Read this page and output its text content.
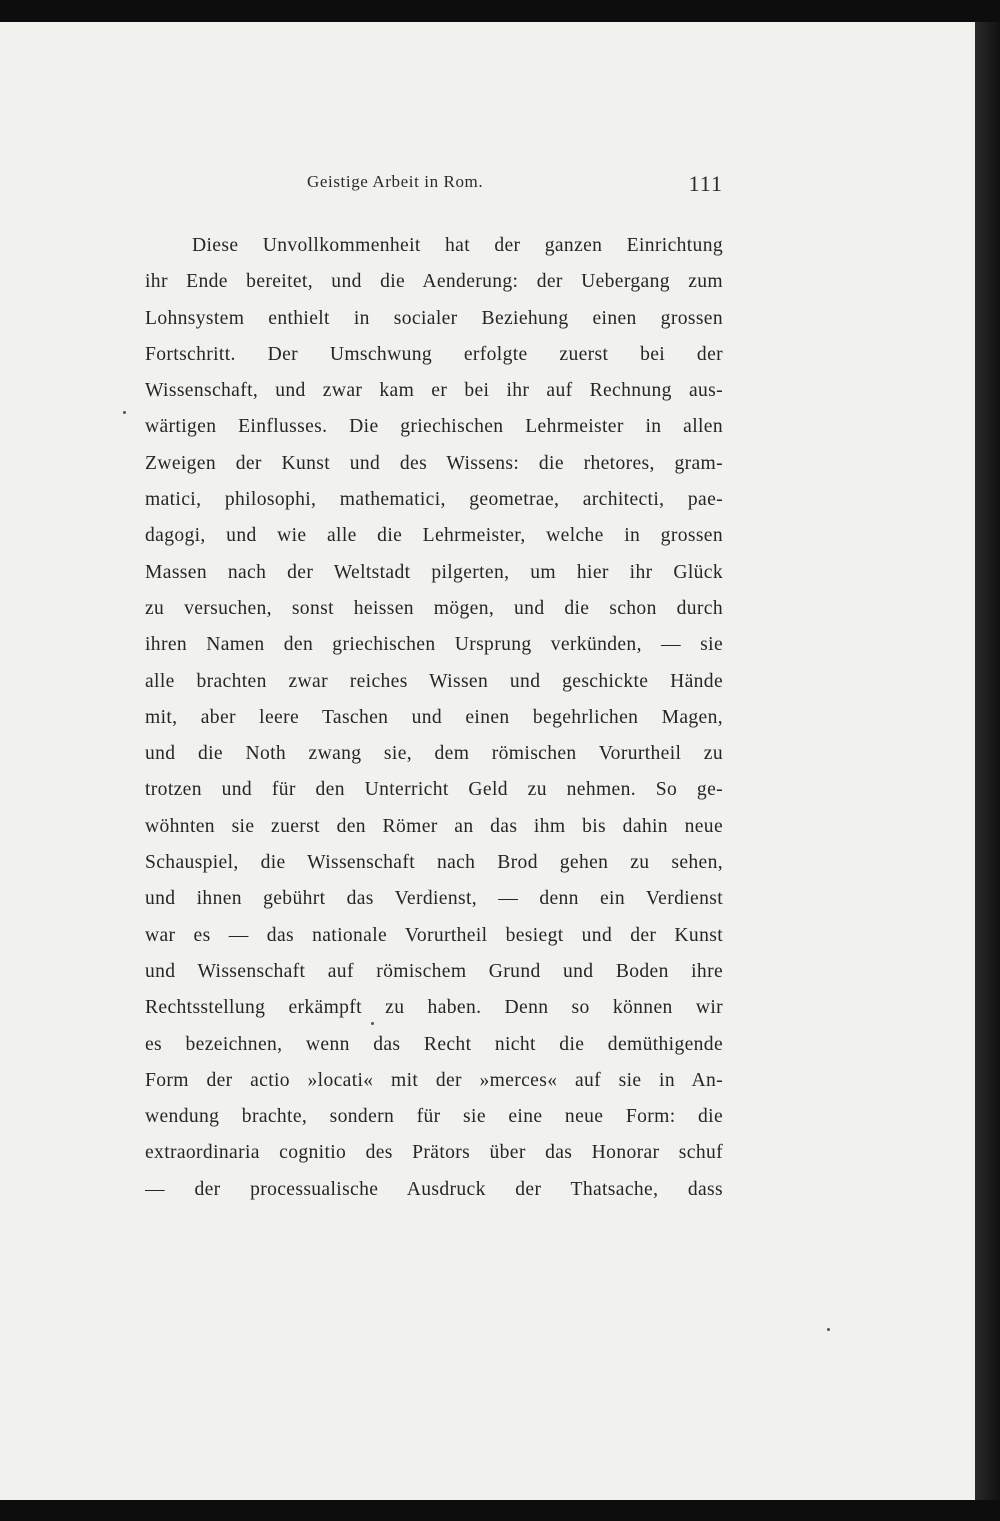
Geistige Arbeit in Rom.	111
Diese Unvollkommenheit hat der ganzen Einrichtung
ihr Ende bereitet, und die Aenderung: der Uebergang zum
Lohnsystem enthielt in socialer Beziehung einen grossen
Fortschritt. Der Umschwung erfolgte zuerst bei der
Wissenschaft, und zwar kam er bei ihr auf Rechnung aus-
wärtigen Einflusses. Die griechischen Lehrmeister in allen
Zweigen der Kunst und des Wissens: die rhetores, gram-
matici, philosophi, mathematici, geometrae, architecti, pae-
dagogi, und wie alle die Lehrmeister, welche in grossen
Massen nach der Weltstadt pilgerten, um hier ihr Glück
zu versuchen, sonst heissen mögen, und die schon durch
ihren Namen den griechischen Ursprung verkünden, — sie
alle brachten zwar reiches Wissen und geschickte Hände
mit, aber leere Taschen und einen begehrlichen Magen,
und die Noth zwang sie, dem römischen Vorurtheil zu
trotzen und für den Unterricht Geld zu nehmen. So ge-
wöhnten sie zuerst den Römer an das ihm bis dahin neue
Schauspiel, die Wissenschaft nach Brod gehen zu sehen,
und ihnen gebührt das Verdienst, — denn ein Verdienst
war es — das nationale Vorurtheil besiegt und der Kunst
und Wissenschaft auf römischem Grund und Boden ihre
Rechtsstellung erkämpft zu haben. Denn so können wir
es bezeichnen, wenn das Recht nicht die demüthigende
Form der actio »locati« mit der »merces« auf sie in An-
wendung brachte, sondern für sie eine neue Form: die
extraordinaria cognitio des Prätors über das Honorar schuf
— der processualische Ausdruck der Thatsache, dass
